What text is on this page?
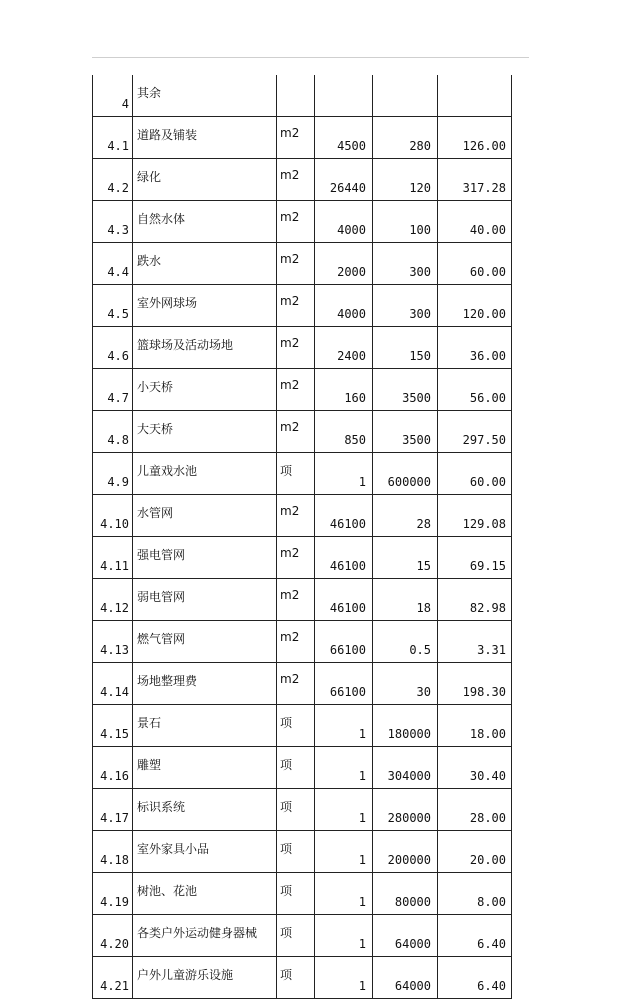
4	其余				
4.1	道路及铺装	m2	4500	280	126.00
4.2	绿化	m2	26440	120	317.28
4.3	自然水体	m2	4000	100	40.00
4.4	跌水	m2	2000	300	60.00
4.5	室外网球场	m2	4000	300	120.00
4.6	篮球场及活动场地	m2	2400	150	36.00
4.7	小天桥	m2	160	3500	56.00
4.8	大天桥	m2	850	3500	297.50
4.9	儿童戏水池	项	1	600000	60.00
4.10	水管网	m2	46100	28	129.08
4.11	强电管网	m2	46100	15	69.15
4.12	弱电管网	m2	46100	18	82.98
4.13	燃气管网	m2	66100	0.5	3.31
4.14	场地整理费	m2	66100	30	198.30
4.15	景石	项	1	180000	18.00
4.16	雕塑	项	1	304000	30.40
4.17	标识系统	项	1	280000	28.00
4.18	室外家具小品	项	1	200000	20.00
4.19	树池、花池	项	1	80000	8.00
4.20	各类户外运动健身器械	项	1	64000	6.40
4.21	户外儿童游乐设施	项	1	64000	6.40
